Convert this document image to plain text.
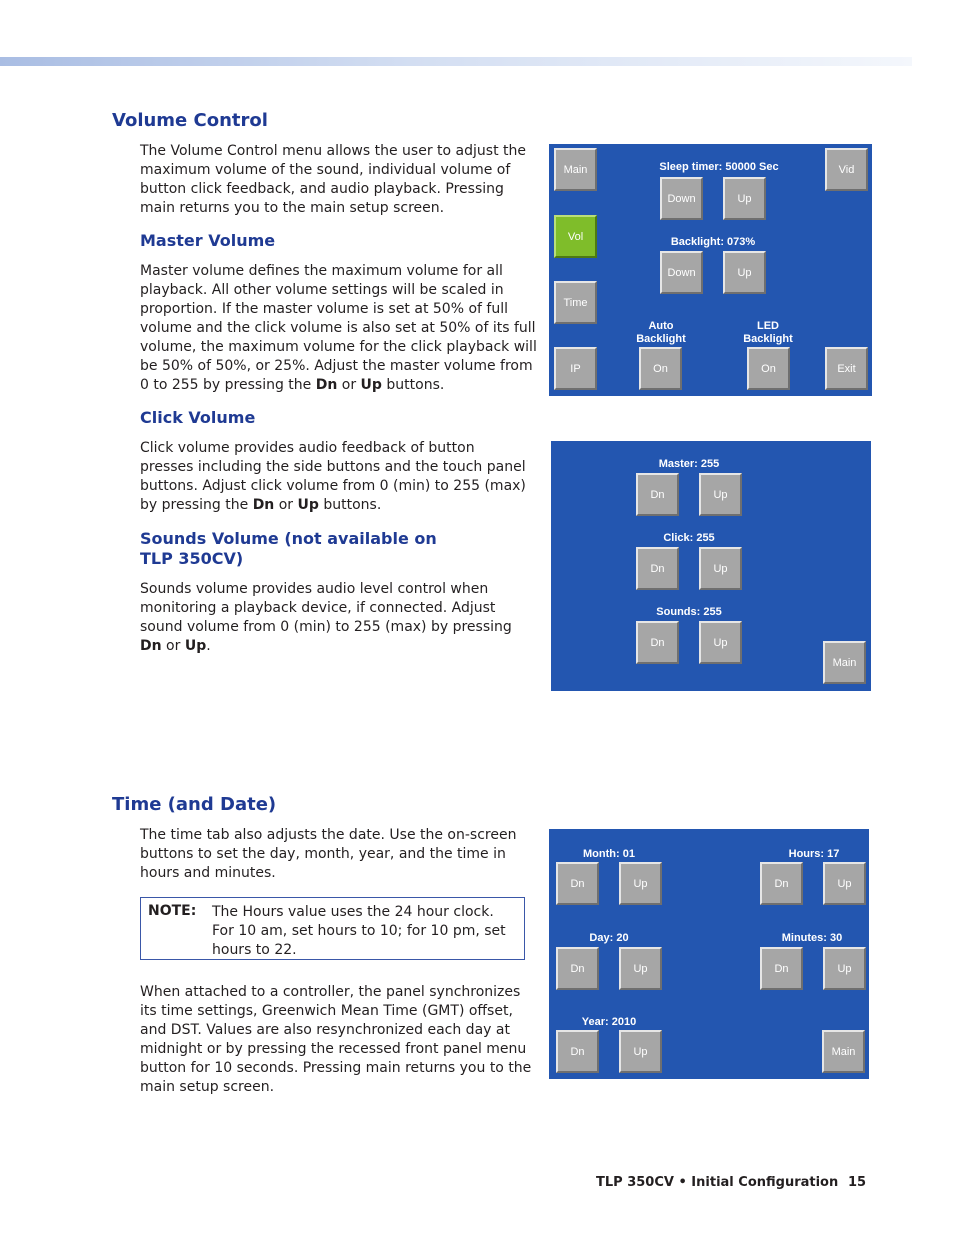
Volume Control

The Volume Control menu allows the user to adjust the maximum volume of the sound, individual volume of button click feedback, and audio playback. Pressing main returns you to the main setup screen.

Master Volume

Master volume defines the maximum volume for all playback. All other volume settings will be scaled in proportion. If the master volume is set at 50% of full volume and the click volume is also set at 50% of its full volume, the maximum volume for the click playback will be 50% of 50%, or 25%. Adjust the master volume from 0 to 255 by pressing the Dn or Up buttons.

Click Volume

Click volume provides audio feedback of button presses including the side buttons and the touch panel buttons. Adjust click volume from 0 (min) to 255 (max) by pressing the Dn or Up buttons.

Sounds Volume (not available on
TLP 350CV)

Sounds volume provides audio level control when monitoring a playback device, if connected. Adjust sound volume from 0 (min) to 255 (max) by pressing Dn or Up.

Time (and Date)

The time tab also adjusts the date. Use the on-screen buttons to set the day, month, year, and the time in hours and minutes.

NOTE: The Hours value uses the 24 hour clock. For 10 am, set hours to 10; for 10 pm, set hours to 22.

When attached to a controller, the panel synchronizes its time settings, Greenwich Mean Time (GMT) offset, and DST. Values are also resynchronized each day at midnight or by pressing the recessed front panel menu button for 10 seconds. Pressing main returns you to the main setup screen.

Main
Vol
Time
IP
Vid
Exit
Sleep timer: 50000 Sec
Down	Up
Backlight: 073%
Down	Up
Auto
Backlight
On
LED
Backlight
On
Master: 255
Dn	Up
Click: 255
Dn	Up
Sounds: 255
Dn	Up
Main
Month: 01
Dn	Up
Hours: 17
Dn	Up
Day: 20
Dn	Up
Minutes: 30
Dn	Up
Year: 2010
Dn	Up	Main
TLP 350CV • Initial Configuration 15
